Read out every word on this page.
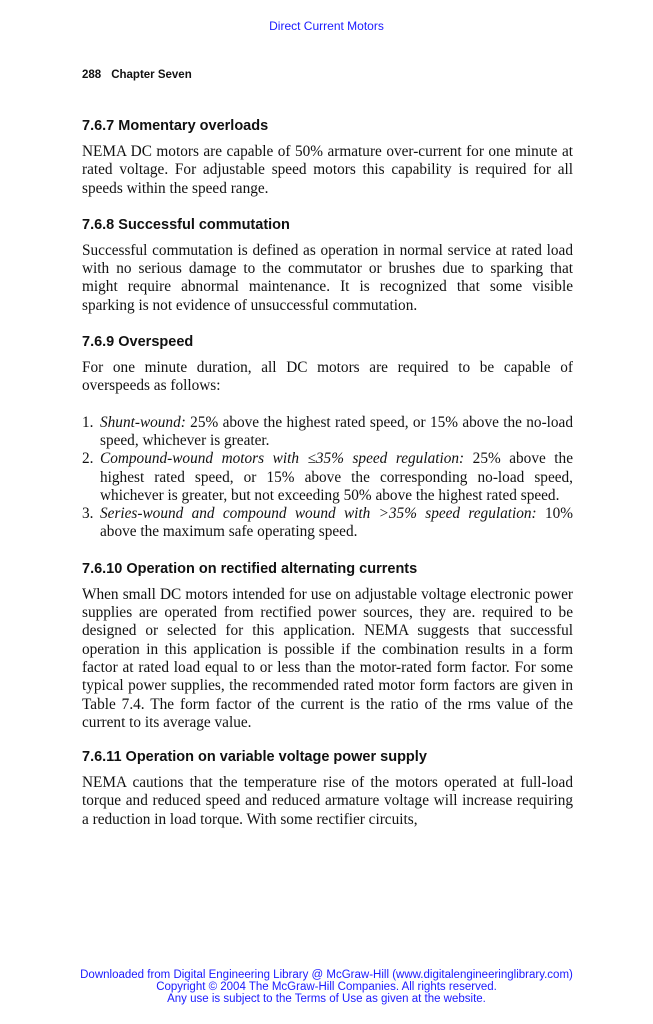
Direct Current Motors
288 Chapter Seven
7.6.7 Momentary overloads

NEMA DC motors are capable of 50% armature over-current for one minute at rated voltage. For adjustable speed motors this capability is required for all speeds within the speed range.

7.6.8 Successful commutation

Successful commutation is defined as operation in normal service at rated load with no serious damage to the commutator or brushes due to sparking that might require abnormal maintenance. It is recognized that some visible sparking is not evidence of unsuccessful commutation.

7.6.9 Overspeed

For one minute duration, all DC motors are required to be capable of overspeeds as follows:

1. Shunt-wound: 25% above the highest rated speed, or 15% above the no-load speed, whichever is greater.
2. Compound-wound motors with ≤35% speed regulation: 25% above the highest rated speed, or 15% above the corresponding no-load speed, whichever is greater, but not exceeding 50% above the highest rated speed.
3. Series-wound and compound wound with >35% speed regulation: 10% above the maximum safe operating speed.
7.6.10 Operation on rectified alternating currents

When small DC motors intended for use on adjustable voltage electronic power supplies are operated from rectified power sources, they are. required to be designed or selected for this application. NEMA suggests that successful operation in this application is possible if the combination results in a form factor at rated load equal to or less than the motor-rated form factor. For some typical power supplies, the recommended rated motor form factors are given in Table 7.4. The form factor of the current is the ratio of the rms value of the current to its average value.

7.6.11 Operation on variable voltage power supply

NEMA cautions that the temperature rise of the motors operated at full-load torque and reduced speed and reduced armature voltage will increase requiring a reduction in load torque. With some rectifier circuits,

Downloaded from Digital Engineering Library @ McGraw-Hill (www.digitalengineeringlibrary.com)
Copyright © 2004 The McGraw-Hill Companies. All rights reserved.
Any use is subject to the Terms of Use as given at the website.
